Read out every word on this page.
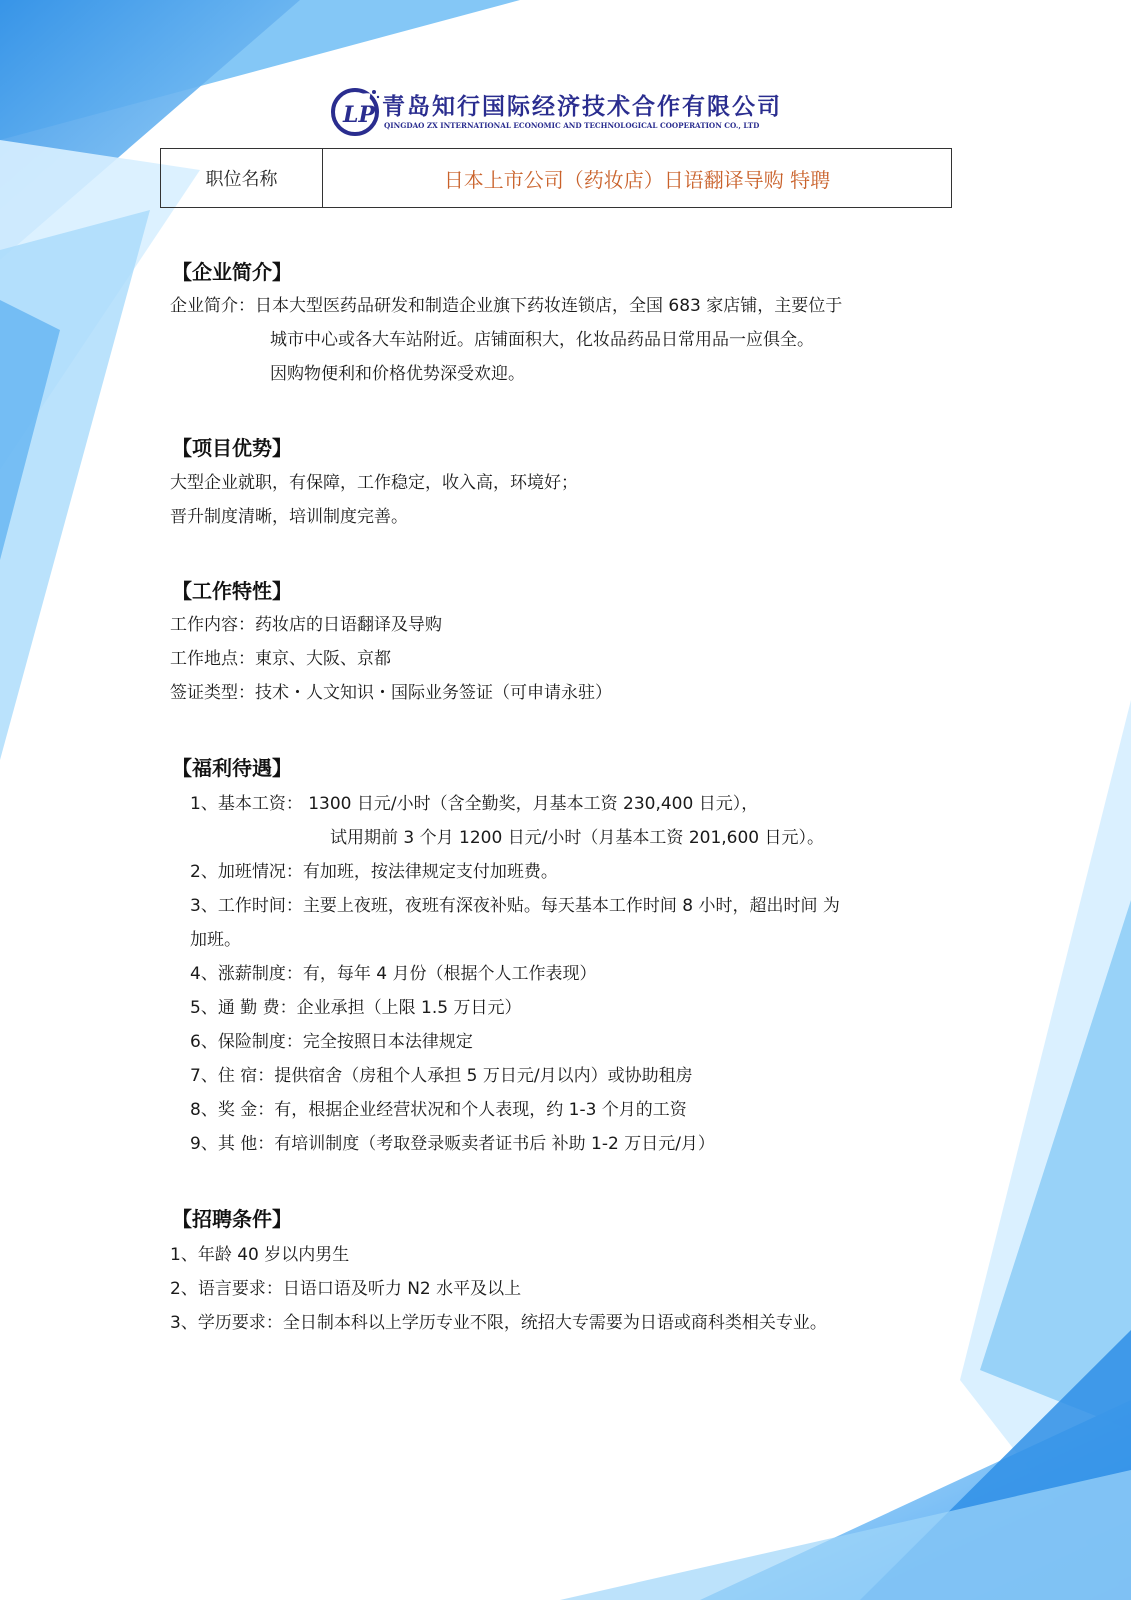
LP 青岛知行国际经济技术合作有限公司
QINGDAO ZX INTERNATIONAL ECONOMIC AND TECHNOLOGICAL COOPERATION CO., LTD
职位名称	日本上市公司（药妆店）日语翻译导购 特聘
【企业简介】
企业简介：日本大型医药品研发和制造企业旗下药妆连锁店，全国 683 家店铺，主要位于
城市中心或各大车站附近。店铺面积大，化妆品药品日常用品一应俱全。
因购物便利和价格优势深受欢迎。
【项目优势】
大型企业就职，有保障，工作稳定，收入高，环境好；
晋升制度清晰，培训制度完善。
【工作特性】
工作内容：药妆店的日语翻译及导购
工作地点：東京、大阪、京都
签证类型：技术・人文知识・国际业务签证（可申请永驻）
【福利待遇】
1、基本工资： 1300 日元/小时（含全勤奖，月基本工资 230,400 日元），
试用期前 3 个月 1200 日元/小时（月基本工资 201,600 日元）。
2、加班情况：有加班，按法律规定支付加班费。
3、工作时间：主要上夜班，夜班有深夜补贴。每天基本工作时间 8 小时，超出时间 为
加班。
4、涨薪制度：有，每年 4 月份（根据个人工作表现）
5、通 勤 费：企业承担（上限 1.5 万日元）
6、保险制度：完全按照日本法律规定
7、住 宿：提供宿舍（房租个人承担 5 万日元/月以内）或协助租房
8、奖 金：有，根据企业经营状况和个人表现，约 1-3 个月的工资
9、其 他：有培训制度（考取登录贩卖者证书后 补助 1-2 万日元/月）
【招聘条件】
1、年龄 40 岁以内男生
2、语言要求：日语口语及听力 N2 水平及以上
3、学历要求：全日制本科以上学历专业不限，统招大专需要为日语或商科类相关专业。
